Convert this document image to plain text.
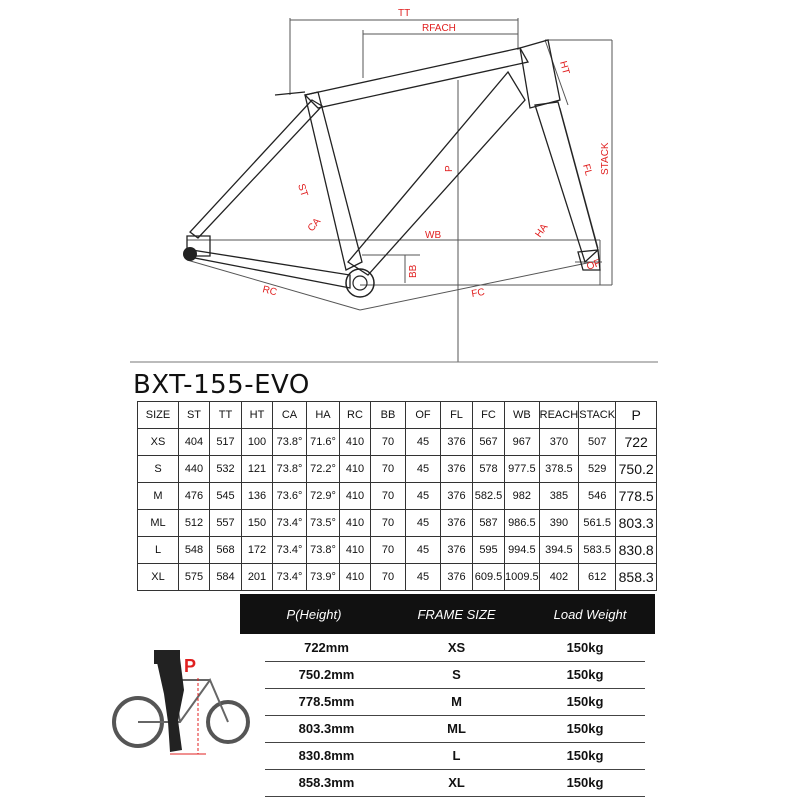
TT
RFACH
HT
STACK
FL
ST
CA
P
WB	HA
BB	OF
RC	FC
BXT-155-EVO
SIZE	ST	TT	HT	CA	HA	RC	BB	OF	FL	FC	WB	REACH	STACK	P
XS	404	517	100	73.8°	71.6°	410	70	45	376	567	967	370	507	722
S	440	532	121	73.8°	72.2°	410	70	45	376	578	977.5	378.5	529	750.2
M	476	545	136	73.6°	72.9°	410	70	45	376	582.5	982	385	546	778.5
ML	512	557	150	73.4°	73.5°	410	70	45	376	587	986.5	390	561.5	803.3
L	548	568	172	73.4°	73.8°	410	70	45	376	595	994.5	394.5	583.5	830.8
XL	575	584	201	73.4°	73.9°	410	70	45	376	609.5	1009.5	402	612	858.3
P(Height)	FRAME SIZE	Load Weight
722mm	XS	150kg
750.2mm	S	150kg
778.5mm	M	150kg
803.3mm	ML	150kg
830.8mm	L	150kg
858.3mm	XL	150kg
P
